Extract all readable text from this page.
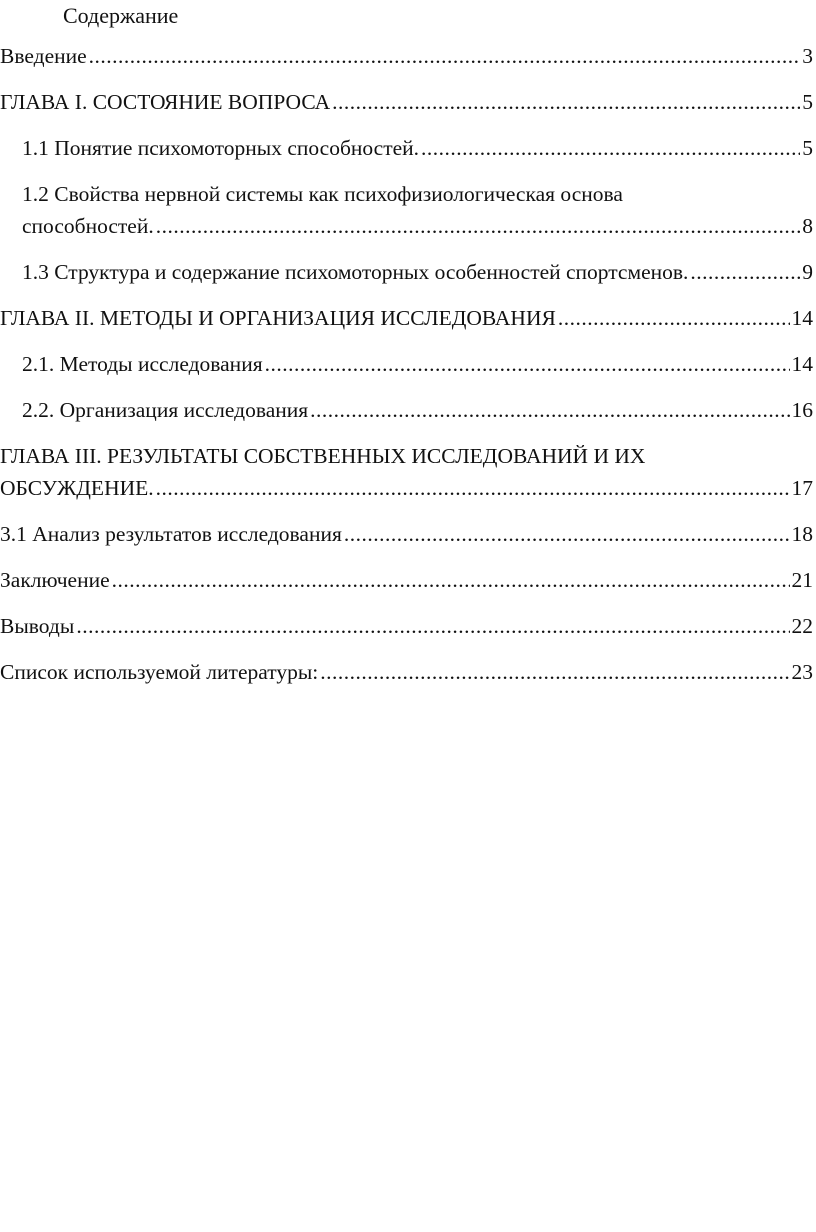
Содержание
Введение .....	3
ГЛАВА I. СОСТОЯНИЕ ВОПРОСА .....	5
1.1 Понятие психомоторных способностей. .....	5
1.2 Свойства нервной системы как психофизиологическая основа
способностей. .....	8
1.3 Структура и содержание психомоторных особенностей спортсменов. .....	9
ГЛАВА II. МЕТОДЫ И ОРГАНИЗАЦИЯ ИССЛЕДОВАНИЯ .....	14
2.1. Методы исследования .....	14
2.2. Организация исследования .....	16
ГЛАВА III. РЕЗУЛЬТАТЫ СОБСТВЕННЫХ ИССЛЕДОВАНИЙ И ИХ
ОБСУЖДЕНИЕ. .....	17
3.1 Анализ результатов исследования .....	18
Заключение .....	21
Выводы .....	22
Список используемой литературы: .....	23
